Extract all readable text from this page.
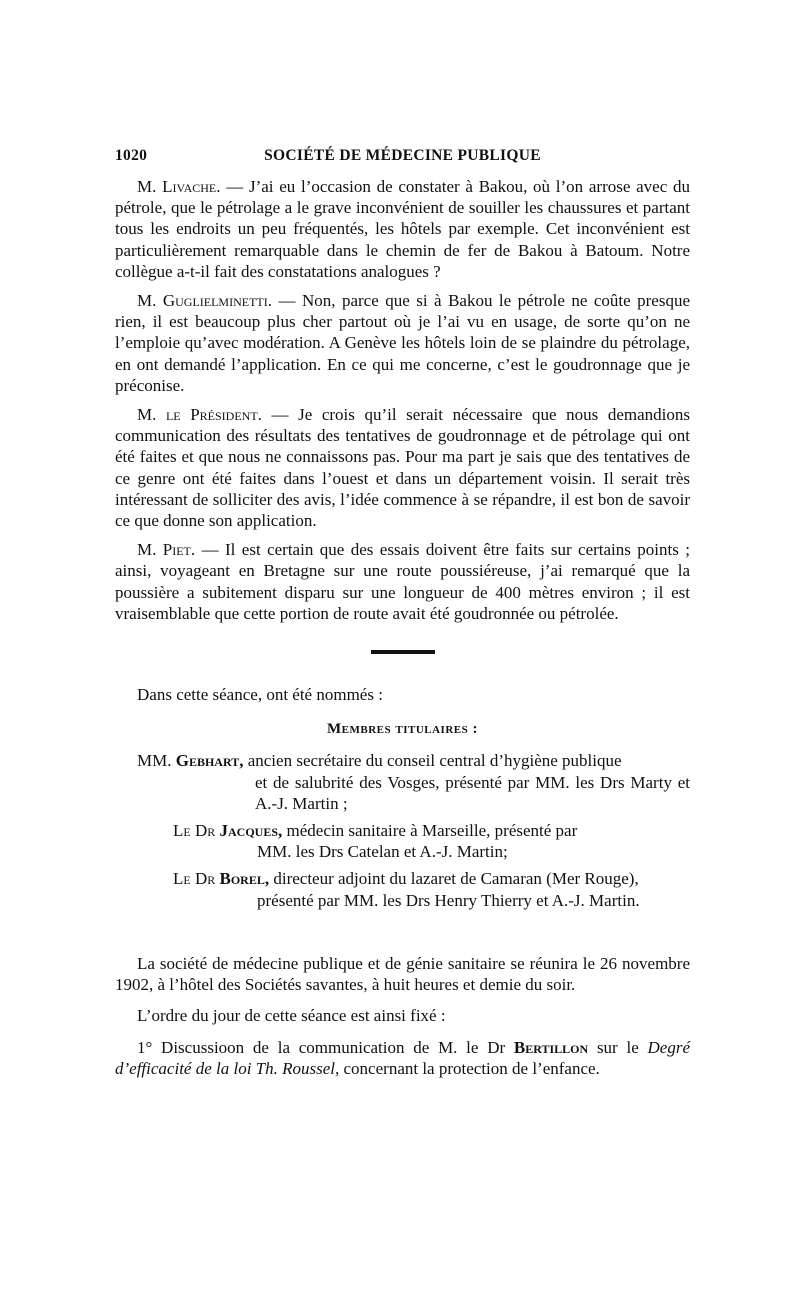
1020	SOCIÉTÉ DE MÉDECINE PUBLIQUE

M. Livache. — J’ai eu l’occasion de constater à Bakou, où l’on arrose avec du pétrole, que le pétrolage a le grave inconvénient de souiller les chaussures et partant tous les endroits un peu fréquentés, les hôtels par exemple. Cet inconvénient est particulièrement remarquable dans le chemin de fer de Bakou à Batoum. Notre collègue a-t-il fait des constatations analogues ?

M. Guglielminetti. — Non, parce que si à Bakou le pétrole ne coûte presque rien, il est beaucoup plus cher partout où je l’ai vu en usage, de sorte qu’on ne l’emploie qu’avec modération. A Genève les hôtels loin de se plaindre du pétrolage, en ont demandé l’application. En ce qui me concerne, c’est le goudronnage que je préconise.

M. le Président. — Je crois qu’il serait nécessaire que nous demandions communication des résultats des tentatives de goudronnage et de pétrolage qui ont été faites et que nous ne connaissons pas. Pour ma part je sais que des tentatives de ce genre ont été faites dans l’ouest et dans un département voisin. Il serait très intéressant de solliciter des avis, l’idée commence à se répandre, il est bon de savoir ce que donne son application.

M. Piet. — Il est certain que des essais doivent être faits sur certains points ; ainsi, voyageant en Bretagne sur une route poussiéreuse, j’ai remarqué que la poussière a subitement disparu sur une longueur de 400 mètres environ ; il est vraisemblable que cette portion de route avait été goudronnée ou pétrolée.

Dans cette séance, ont été nommés :
Membres titulaires :
MM. Gebhart, ancien secrétaire du conseil central d’hygiène publique
et de salubrité des Vosges, présenté par MM. les Drs Marty et A.-J. Martin ;
Le Dr Jacques, médecin sanitaire à Marseille, présenté par
MM. les Drs Catelan et A.-J. Martin;
Le Dr Borel, directeur adjoint du lazaret de Camaran (Mer Rouge),
présenté par MM. les Drs Henry Thierry et A.-J. Martin.

La société de médecine publique et de génie sanitaire se réunira le 26 novembre 1902, à l’hôtel des Sociétés savantes, à huit heures et demie du soir.

L’ordre du jour de cette séance est ainsi fixé :

1° Discussioon de la communication de M. le Dr Bertillon sur le Degré d’efficacité de la loi Th. Roussel, concernant la protection de l’enfance.
